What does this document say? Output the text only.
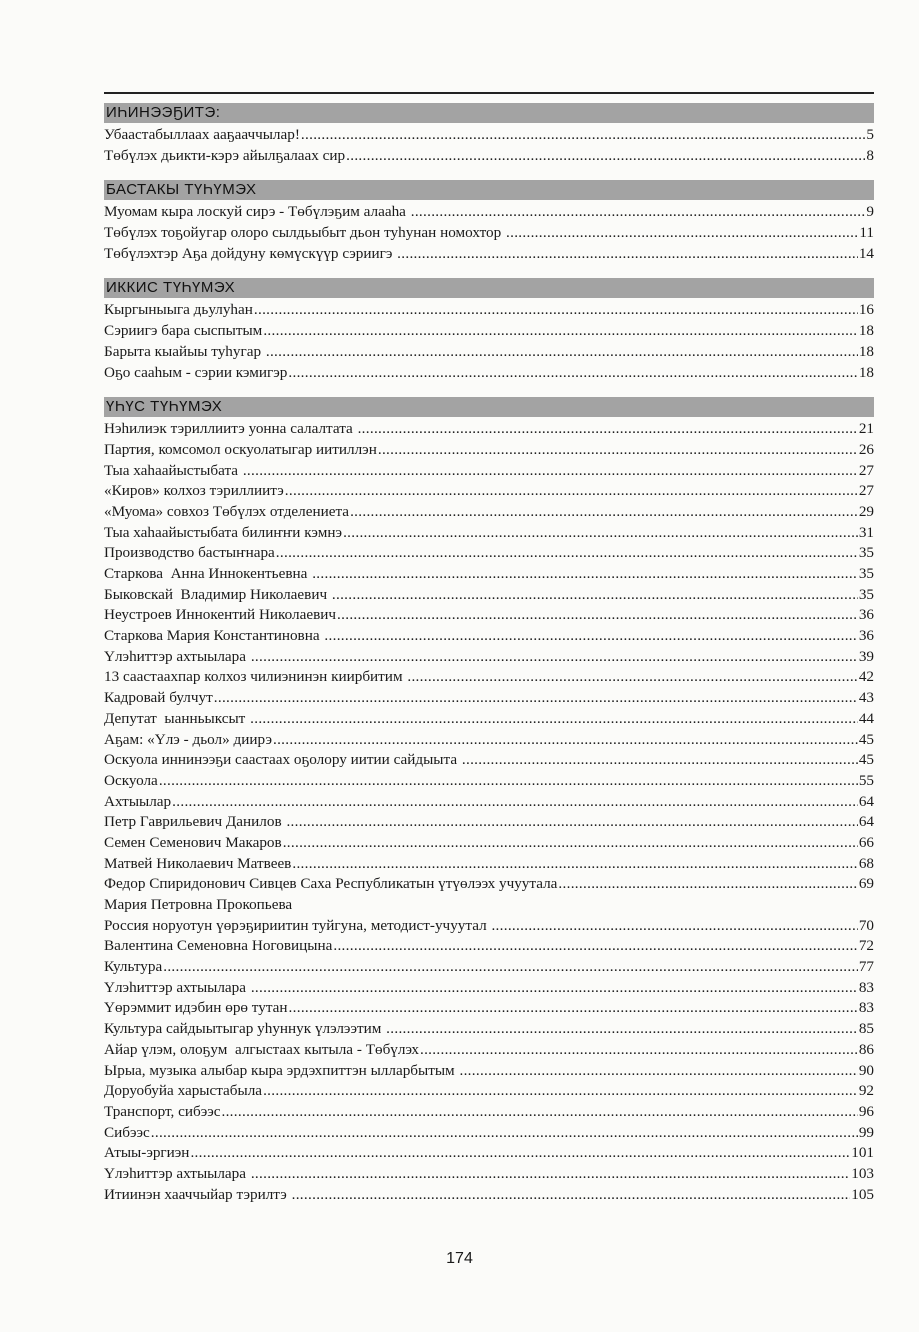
ИҺИНЭЭҔИТЭ:
Убаастабыллаах ааҕааччылар! .....	5
Төбүлэх дьикти-кэрэ айылҕалаах сир .....	8
БАСТАКЫ ТҮҺҮМЭХ
Муомам кыра лоскуй сирэ - Төбүлэҕим алааһа .....	9
Төбүлэх тоҕойугар олоро сылдьыбыт дьон туһунан номохтор .....	11
Төбүлэхтэр Аҕа дойдуну көмүскүүр сэриигэ .....	14
ИККИС ТҮҺҮМЭХ
Кыргыныыга дьулуһан .....	16
Сэриигэ бара сыспытым .....	18
Барыта кыайыы туһугар .....	18
Оҕо сааһым - сэрии кэмигэр .....	18
ҮҺҮС ТҮҺҮМЭХ
Нэһилиэк тэриллиитэ уонна салалтата .....	21
Партия, комсомол оскуолатыгар иитиллэн .....	26
Тыа хаһаайыстыбата .....	27
«Киров» колхоз тэриллиитэ .....	27
«Муома» совхоз Төбүлэх отделениета .....	29
Тыа хаһаайыстыбата билиҥҥи кэмнэ .....	31
Производство бастыҥнара .....	35
Старкова  Анна Иннокентьевна .....	35
Быковскай  Владимир Николаевич .....	35
Неустроев Иннокентий Николаевич .....	36
Старкова Мария Константиновна .....	36
Үлэһиттэр ахтыылара .....	39
13 саастаахпар колхоз чилиэнинэн киирбитим .....	42
Кадровай булчут .....	43
Депутат  ыанньыксыт .....	44
Аҕам: «Үлэ - дьол» диирэ .....	45
Оскуола иннинээҕи саастаах оҕолору иитии сайдыыта .....	45
Оскуола .....	55
Ахтыылар .....	64
Петр Гаврильевич Данилов .....	64
Семен Семенович Макаров .....	66
Матвей Николаевич Матвеев .....	68
Федор Спиридонович Сивцев Саха Республикатын үтүөлээх учуутала .....	69
Мария Петровна Прокопьева
Россия норуотун үөрэҕириитин туйгуна, методист-учуутал .....	70
Валентина Семеновна Ноговицына .....	72
Культура .....	77
Үлэһиттэр ахтыылара .....	83
Үөрэммит идэбин өрө тутан .....	83
Культура сайдыытыгар уһуннук үлэлээтим .....	85
Айар үлэм, олоҕум  алгыстаах кытыла - Төбүлэх .....	86
Ырыа, музыка алыбар кыра эрдэхпиттэн ылларбытым .....	90
Доруобуйа харыстабыла .....	92
Транспорт, сибээс .....	96
Сибээс .....	99
Атыы-эргиэн .....	101
Үлэһиттэр ахтыылара .....	103
Итиинэн хааччыйар тэрилтэ .....	105
174
